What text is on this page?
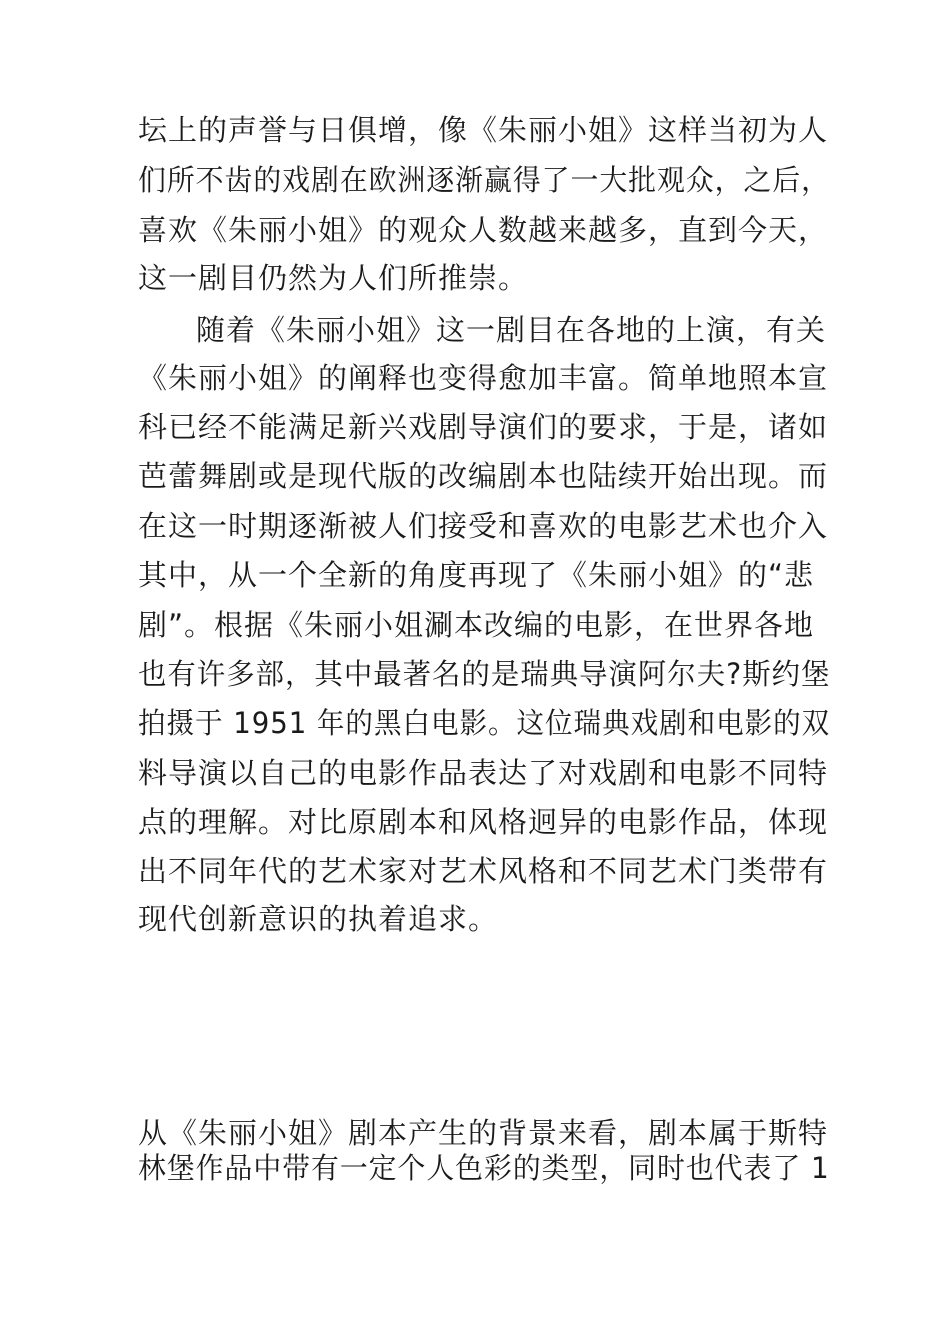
坛上的声誉与日俱增，像《朱丽小姐》这样当初为人
们所不齿的戏剧在欧洲逐渐赢得了一大批观众，之后，
喜欢《朱丽小姐》的观众人数越来越多，直到今天，
这一剧目仍然为人们所推崇。
随着《朱丽小姐》这一剧目在各地的上演，有关
《朱丽小姐》的阐释也变得愈加丰富。简单地照本宣
科已经不能满足新兴戏剧导演们的要求，于是，诸如
芭蕾舞剧或是现代版的改编剧本也陆续开始出现。而
在这一时期逐渐被人们接受和喜欢的电影艺术也介入
其中，从一个全新的角度再现了《朱丽小姐》的“悲
剧”。根据《朱丽小姐涮本改编的电影，在世界各地
也有许多部，其中最著名的是瑞典导演阿尔夫?斯约堡
拍摄于 1951 年的黑白电影。这位瑞典戏剧和电影的双
料导演以自己的电影作品表达了对戏剧和电影不同特
点的理解。对比原剧本和风格迥异的电影作品，体现
出不同年代的艺术家对艺术风格和不同艺术门类带有
现代创新意识的执着追求。
从《朱丽小姐》剧本产生的背景来看，剧本属于斯特
林堡作品中带有一定个人色彩的类型，同时也代表了 1
